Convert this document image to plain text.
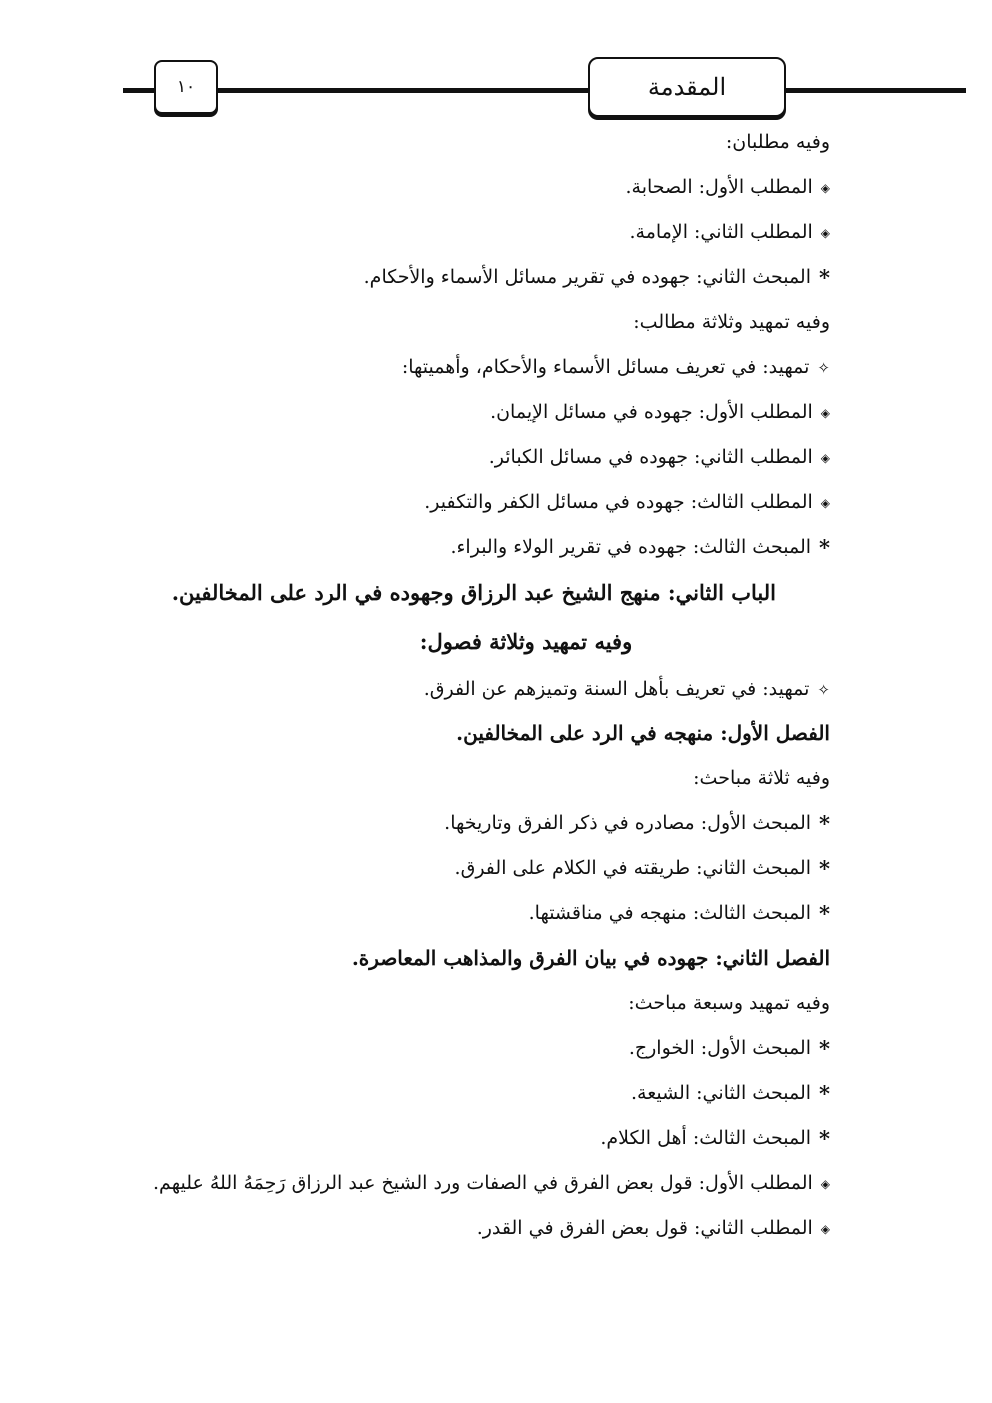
المقدمة
١٠
وفيه مطلبان:
◈المطلب الأول: الصحابة.
◈المطلب الثاني: الإمامة.
*المبحث الثاني: جهوده في تقرير مسائل الأسماء والأحكام.
وفيه تمهيد وثلاثة مطالب:
✧تمهيد: في تعريف مسائل الأسماء والأحكام، وأهميتها:
◈المطلب الأول: جهوده في مسائل الإيمان.
◈المطلب الثاني: جهوده في مسائل الكبائر.
◈المطلب الثالث: جهوده في مسائل الكفر والتكفير.
*المبحث الثالث: جهوده في تقرير الولاء والبراء.
الباب الثاني: منهج الشيخ عبد الرزاق وجهوده في الرد على المخالفين.
وفيه تمهيد وثلاثة فصول:
✧تمهيد: في تعريف بأهل السنة وتميزهم عن الفرق.
الفصل الأول: منهجه في الرد على المخالفين.
وفيه ثلاثة مباحث:
*المبحث الأول: مصادره في ذكر الفرق وتاريخها.
*المبحث الثاني: طريقته في الكلام على الفرق.
*المبحث الثالث: منهجه في مناقشتها.
الفصل الثاني: جهوده في بيان الفرق والمذاهب المعاصرة.
وفيه تمهيد وسبعة مباحث:
*المبحث الأول: الخوارج.
*المبحث الثاني: الشيعة.
*المبحث الثالث: أهل الكلام.
◈المطلب الأول: قول بعض الفرق في الصفات ورد الشيخ عبد الرزاق رَحِمَهُ اللهُ عليهم.
◈المطلب الثاني: قول بعض الفرق في القدر.
